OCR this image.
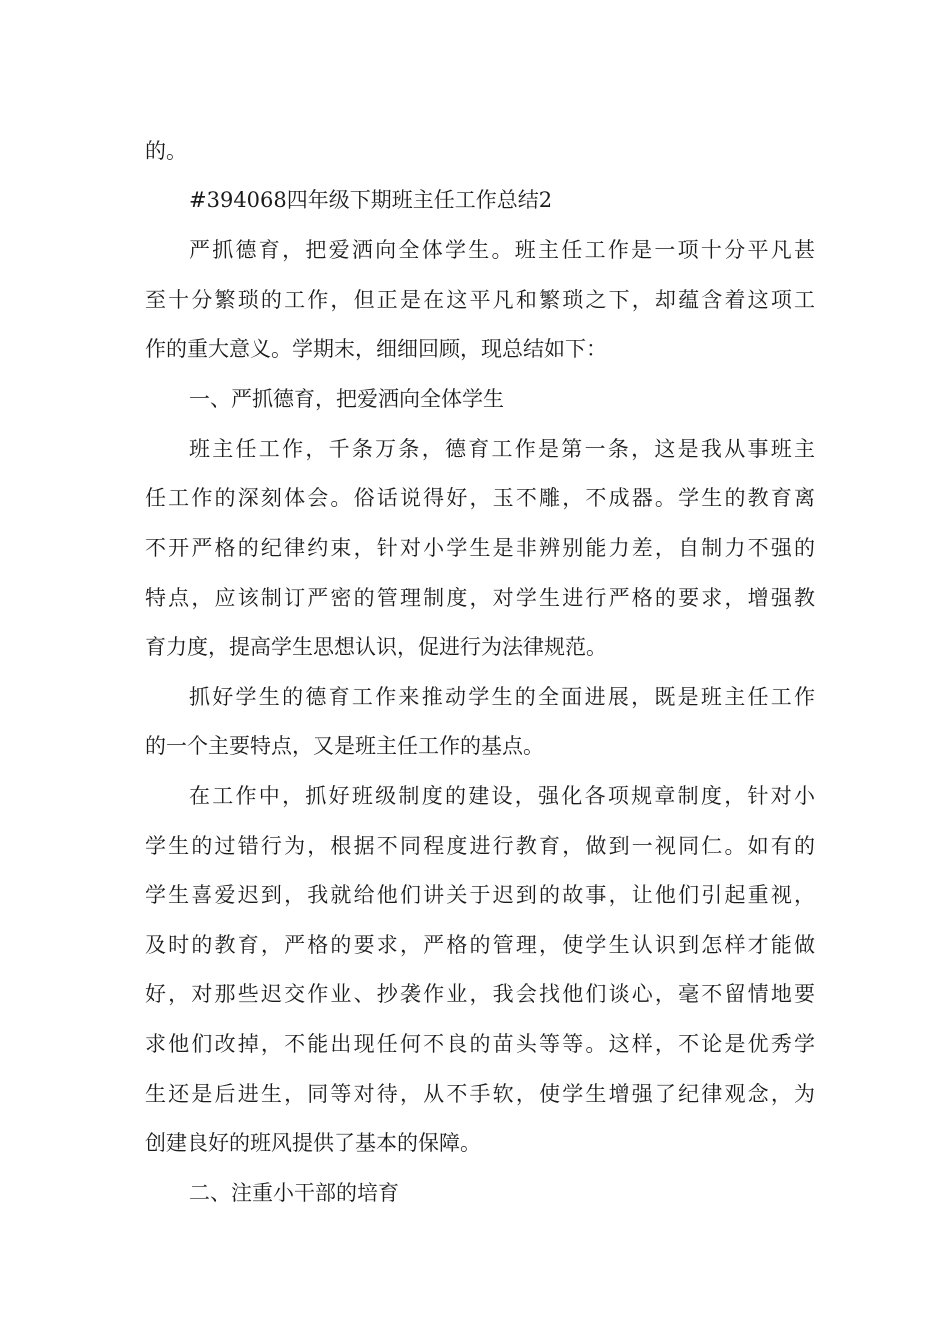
的。
#394068四年级下期班主任工作总结2
严抓德育，把爱洒向全体学生。班主任工作是一项十分平凡甚
至十分繁琐的工作，但正是在这平凡和繁琐之下，却蕴含着这项工
作的重大意义。学期末，细细回顾，现总结如下：
一、严抓德育，把爱洒向全体学生
班主任工作，千条万条，德育工作是第一条，这是我从事班主
任工作的深刻体会。俗话说得好，玉不雕，不成器。学生的教育离
不开严格的纪律约束，针对小学生是非辨别能力差，自制力不强的
特点，应该制订严密的管理制度，对学生进行严格的要求，增强教
育力度，提高学生思想认识，促进行为法律规范。
抓好学生的德育工作来推动学生的全面进展，既是班主任工作
的一个主要特点，又是班主任工作的基点。
在工作中，抓好班级制度的建设，强化各项规章制度，针对小
学生的过错行为，根据不同程度进行教育，做到一视同仁。如有的
学生喜爱迟到，我就给他们讲关于迟到的故事，让他们引起重视，
及时的教育，严格的要求，严格的管理，使学生认识到怎样才能做
好，对那些迟交作业、抄袭作业，我会找他们谈心，毫不留情地要
求他们改掉，不能出现任何不良的苗头等等。这样，不论是优秀学
生还是后进生，同等对待，从不手软，使学生增强了纪律观念，为
创建良好的班风提供了基本的保障。
二、注重小干部的培育
